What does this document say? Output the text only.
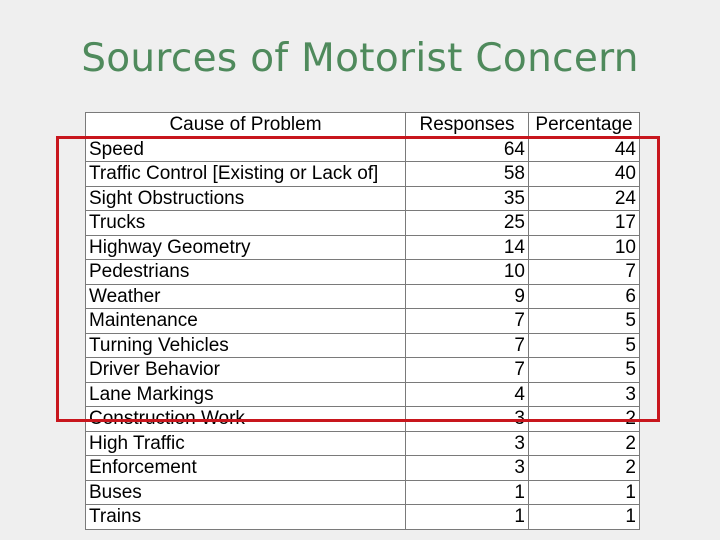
Sources of Motorist Concern
Cause of Problem	Responses	Percentage
Speed	64	44
Traffic Control [Existing or Lack of]	58	40
Sight Obstructions	35	24
Trucks	25	17
Highway Geometry	14	10
Pedestrians	10	7
Weather	9	6
Maintenance	7	5
Turning Vehicles	7	5
Driver Behavior	7	5
Lane Markings	4	3
Construction Work	3	2
High Traffic	3	2
Enforcement	3	2
Buses	1	1
Trains	1	1
